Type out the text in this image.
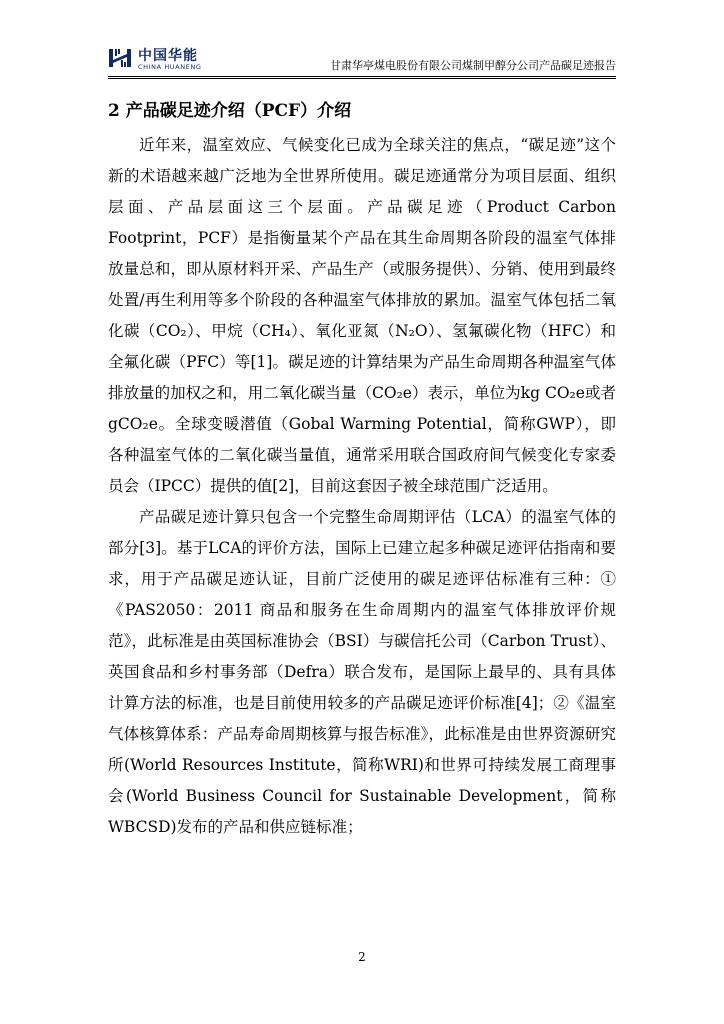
中国华能
CHINA HUANENG	甘肃华亭煤电股份有限公司煤制甲醇分公司产品碳足迹报告
2 产品碳足迹介绍（PCF）介绍

近年来，温室效应、气候变化已成为全球关注的焦点，“碳足迹”这个新的术语越来越广泛地为全世界所使用。碳足迹通常分为项目层面、组织层面、产品层面这三个层面。产品碳足迹（Product Carbon Footprint，PCF）是指衡量某个产品在其生命周期各阶段的温室气体排放量总和，即从原材料开采、产品生产（或服务提供）、分销、使用到最终处置/再生利用等多个阶段的各种温室气体排放的累加。温室气体包括二氧化碳（CO₂）、甲烷（CH₄）、氧化亚氮（N₂O）、氢氟碳化物（HFC）和全氟化碳（PFC）等[1]。碳足迹的计算结果为产品生命周期各种温室气体排放量的加权之和，用二氧化碳当量（CO₂e）表示，单位为kg CO₂e或者gCO₂e。全球变暖潜值（Gobal Warming Potential，简称GWP），即各种温室气体的二氧化碳当量值，通常采用联合国政府间气候变化专家委员会（IPCC）提供的值[2]，目前这套因子被全球范围广泛适用。

产品碳足迹计算只包含一个完整生命周期评估（LCA）的温室气体的部分[3]。基于LCA的评价方法，国际上已建立起多种碳足迹评估指南和要求，用于产品碳足迹认证，目前广泛使用的碳足迹评估标准有三种：①《PAS2050：2011 商品和服务在生命周期内的温室气体排放评价规范》，此标准是由英国标准协会（BSI）与碳信托公司（Carbon Trust）、英国食品和乡村事务部（Defra）联合发布，是国际上最早的、具有具体计算方法的标准，也是目前使用较多的产品碳足迹评价标准[4]；②《温室气体核算体系：产品寿命周期核算与报告标准》，此标准是由世界资源研究所(World Resources Institute，简称WRI)和世界可持续发展工商理事会(World Business Council for Sustainable Development，简称WBCSD)发布的产品和供应链标准；

2
